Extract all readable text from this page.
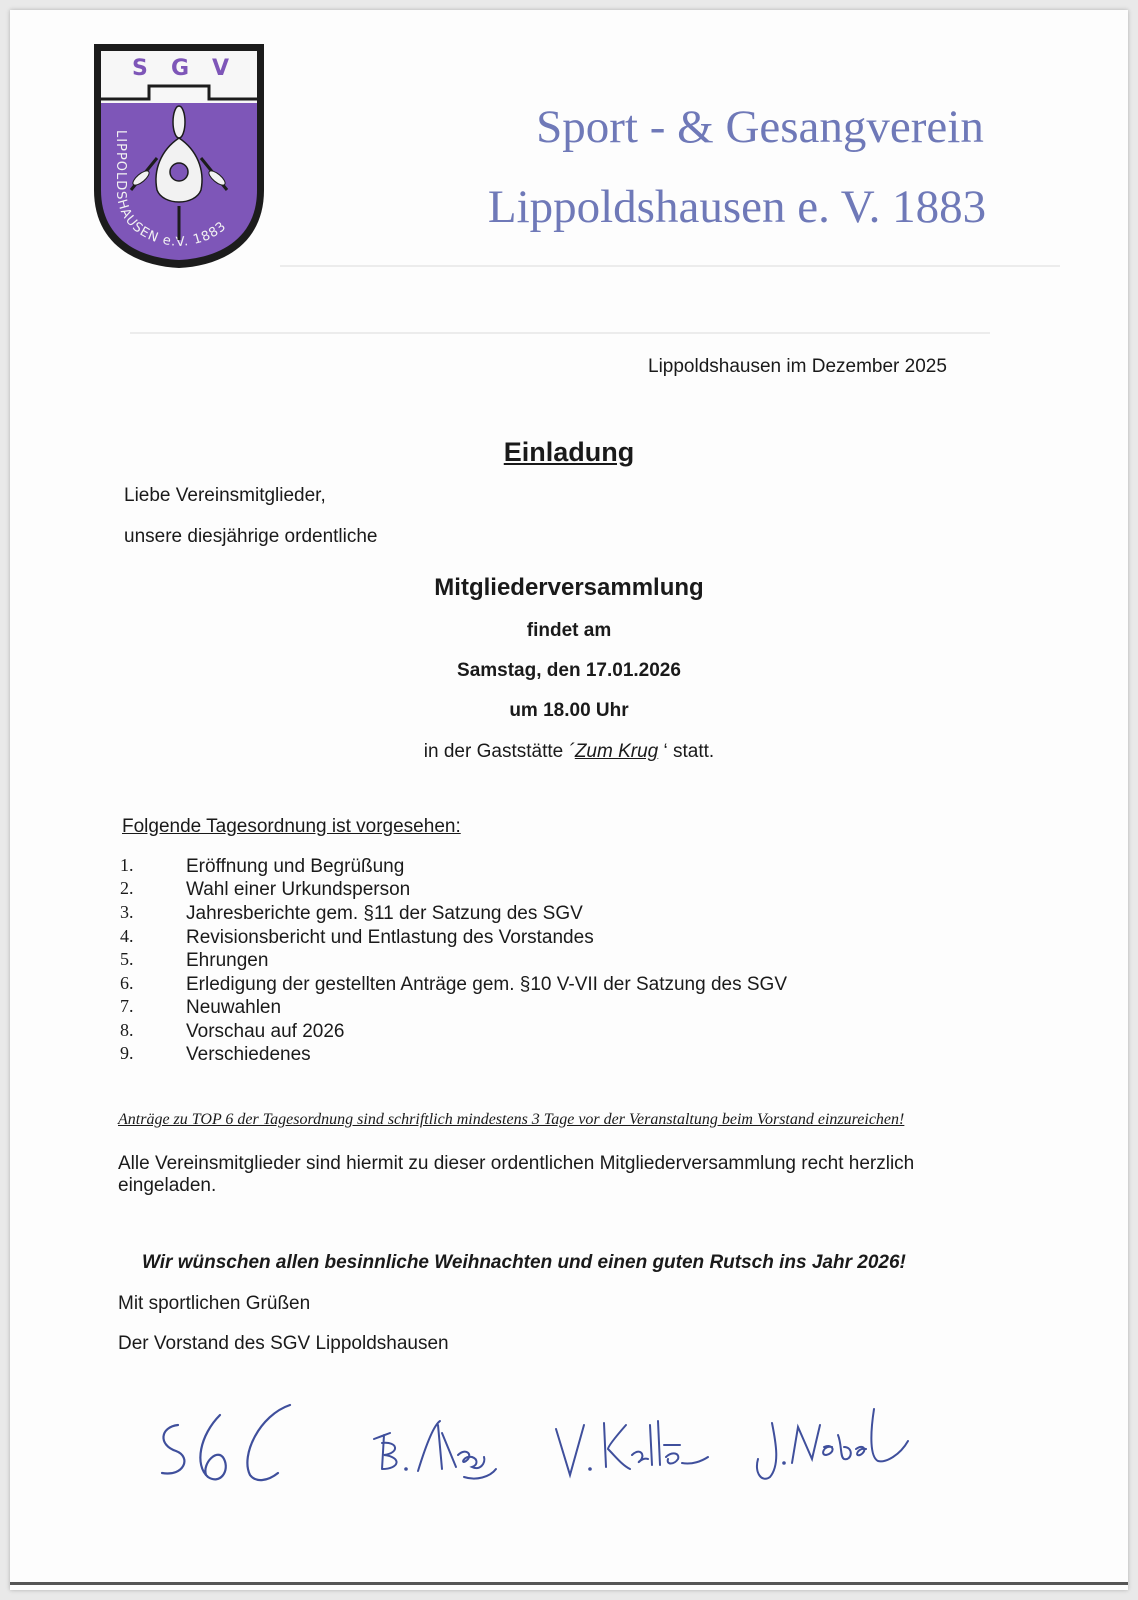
S G V
LIPPOLDSHAUSEN e.V. 1883
Sport - & Gesangverein
Lippoldshausen e. V. 1883
Lippoldshausen im Dezember 2025
Einladung
Liebe Vereinsmitglieder,
unsere diesjährige ordentliche
Mitgliederversammlung
findet am
Samstag, den 17.01.2026
um 18.00 Uhr
in der Gaststätte ´Zum Krug ‘ statt.
Folgende Tagesordnung ist vorgesehen:
1.	Eröffnung und Begrüßung
2.	Wahl einer Urkundsperson
3.	Jahresberichte gem. §11 der Satzung des SGV
4.	Revisionsbericht und Entlastung des Vorstandes
5.	Ehrungen
6.	Erledigung der gestellten Anträge gem. §10 V-VII der Satzung des SGV
7.	Neuwahlen
8.	Vorschau auf 2026
9.	Verschiedenes
Anträge zu TOP 6 der Tagesordnung sind schriftlich mindestens 3 Tage vor der Veranstaltung beim Vorstand einzureichen!
Alle Vereinsmitglieder sind hiermit zu dieser ordentlichen Mitgliederversammlung recht herzlich eingeladen.
Wir wünschen allen besinnliche Weihnachten und einen guten Rutsch ins Jahr 2026!
Mit sportlichen Grüßen
Der Vorstand des SGV Lippoldshausen
